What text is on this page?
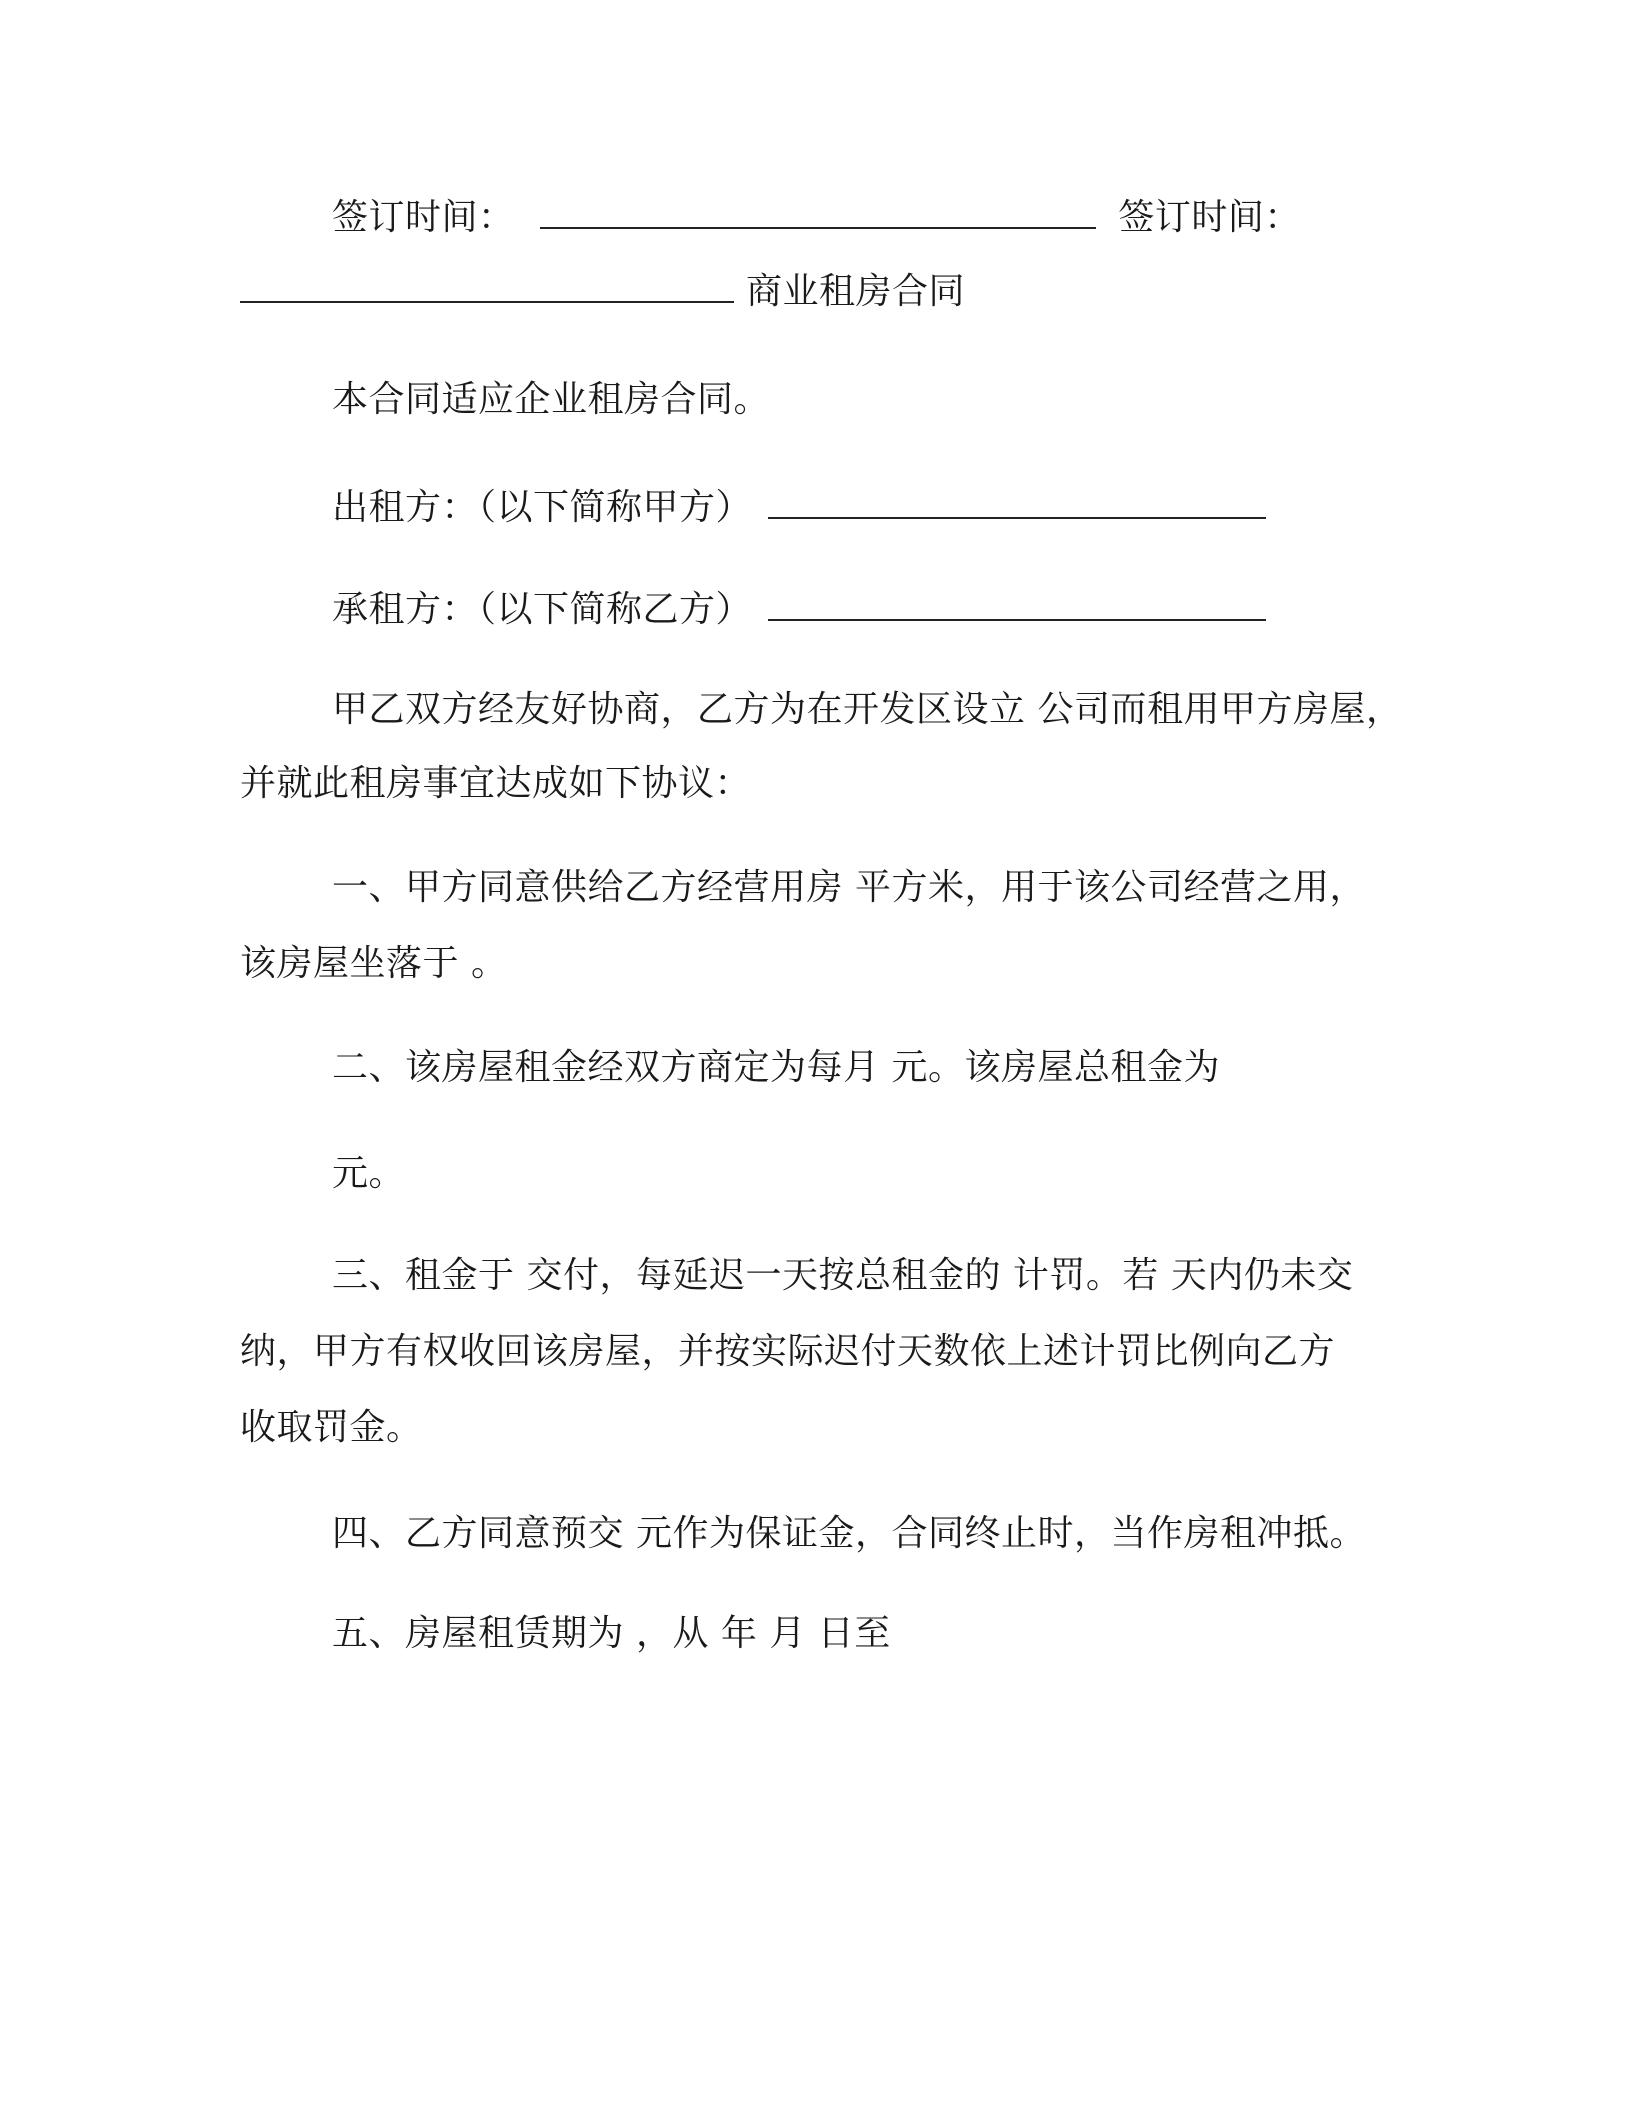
签订时间：	签订时间：
商业租房合同
本合同适应企业租房合同。
出租方：（以下简称甲方）
承租方：（以下简称乙方）
甲乙双方经友好协商，乙方为在开发区设立 公司而租用甲方房屋，
并就此租房事宜达成如下协议：
一、甲方同意供给乙方经营用房 平方米，用于该公司经营之用，
该房屋坐落于 。
二、该房屋租金经双方商定为每月 元。该房屋总租金为
元。
三、租金于 交付，每延迟一天按总租金的 计罚。若 天内仍未交
纳，甲方有权收回该房屋，并按实际迟付天数依上述计罚比例向乙方
收取罚金。
四、乙方同意预交 元作为保证金，合同终止时，当作房租冲抵。
五、房屋租赁期为 ，从 年 月 日至
